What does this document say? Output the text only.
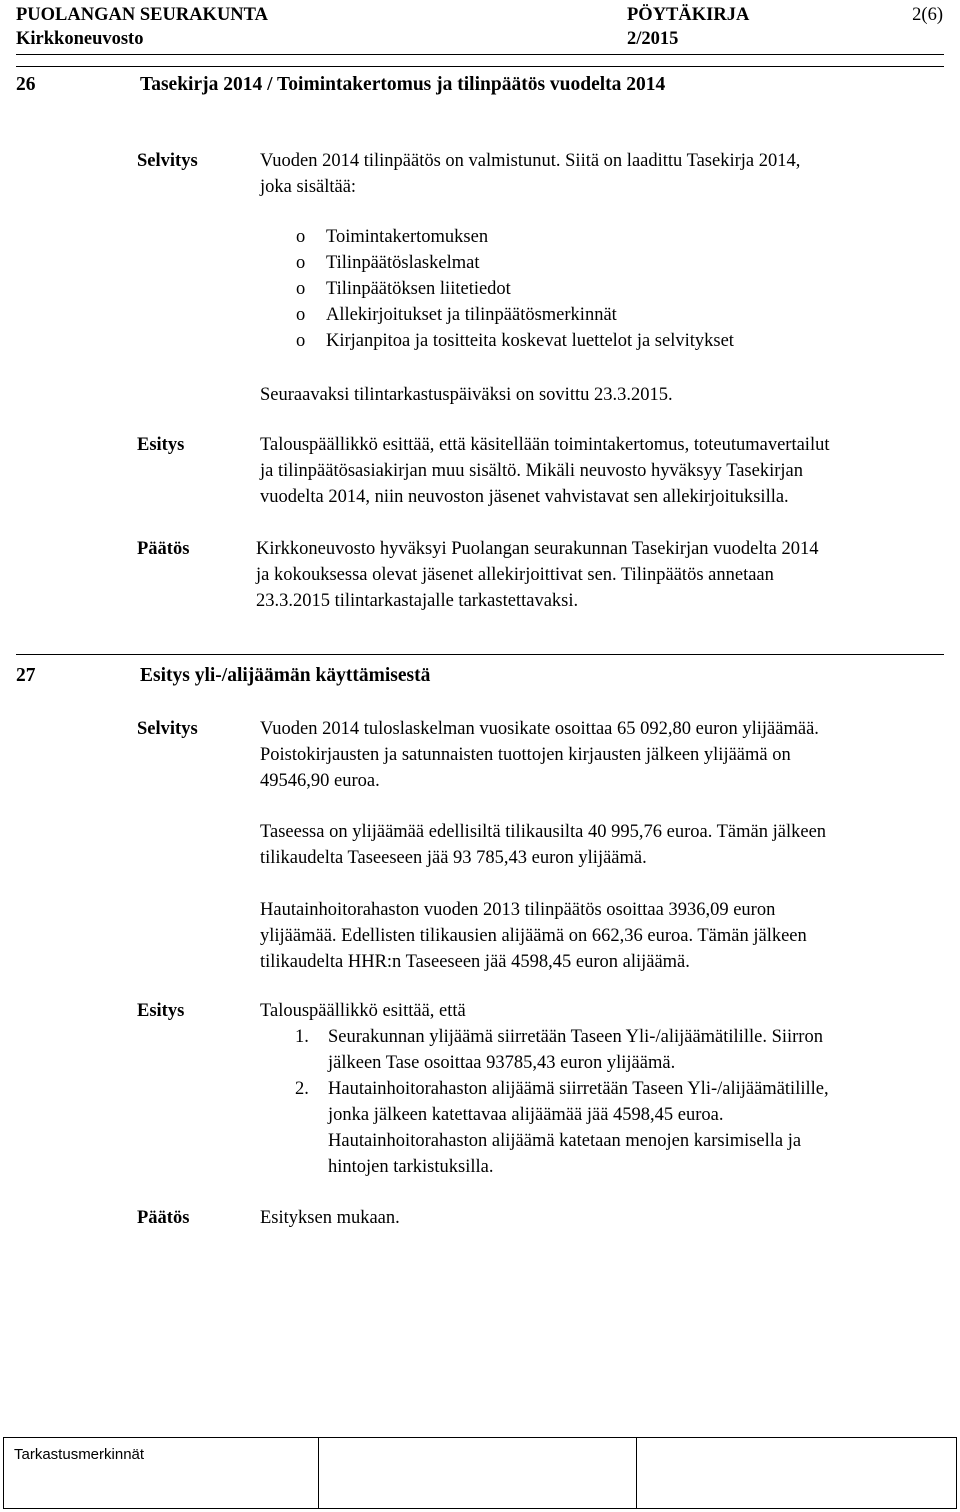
PUOLANGAN SEURAKUNTA
Kirkkoneuvosto
PÖYTÄKIRJA
2/2015
2(6)
26	Tasekirja 2014 / Toimintakertomus ja tilinpäätös vuodelta 2014
Selvitys	Vuoden 2014 tilinpäätös on valmistunut. Siitä on laadittu Tasekirja 2014,
joka sisältää:
o Toimintakertomuksen
o Tilinpäätöslaskelmat
o Tilinpäätöksen liitetiedot
o Allekirjoitukset ja tilinpäätösmerkinnät
o Kirjanpitoa ja tositteita koskevat luettelot ja selvitykset
Seuraavaksi tilintarkastuspäiväksi on sovittu 23.3.2015.
Esitys	Talouspäällikkö esittää, että käsitellään toimintakertomus, toteutumavertailut
ja tilinpäätösasiakirjan muu sisältö. Mikäli neuvosto hyväksyy Tasekirjan
vuodelta 2014, niin neuvoston jäsenet vahvistavat sen allekirjoituksilla.
Päätös	Kirkkoneuvosto hyväksyi Puolangan seurakunnan Tasekirjan vuodelta 2014
ja kokouksessa olevat jäsenet allekirjoittivat sen. Tilinpäätös annetaan
23.3.2015 tilintarkastajalle tarkastettavaksi.
27	Esitys yli-/alijäämän käyttämisestä
Selvitys	Vuoden 2014 tuloslaskelman vuosikate osoittaa 65 092,80 euron ylijäämää.
Poistokirjausten ja satunnaisten tuottojen kirjausten jälkeen ylijäämä on
49546,90 euroa.
Taseessa on ylijäämää edellisiltä tilikausilta 40 995,76 euroa. Tämän jälkeen
tilikaudelta Taseeseen jää 93 785,43 euron ylijäämä.
Hautainhoitorahaston vuoden 2013 tilinpäätös osoittaa 3936,09 euron
ylijäämää. Edellisten tilikausien alijäämä on 662,36 euroa. Tämän jälkeen
tilikaudelta HHR:n Taseeseen jää 4598,45 euron alijäämä.
Esitys	Talouspäällikkö esittää, että
1. Seurakunnan ylijäämä siirretään Taseen Yli-/alijäämätilille. Siirron
jälkeen Tase osoittaa 93785,43 euron ylijäämä.
2. Hautainhoitorahaston alijäämä siirretään Taseen Yli-/alijäämätilille,
jonka jälkeen katettavaa alijäämää jää 4598,45 euroa.
Hautainhoitorahaston alijäämä katetaan menojen karsimisella ja
hintojen tarkistuksilla.
Päätös	Esityksen mukaan.
Tarkastusmerkinnät
